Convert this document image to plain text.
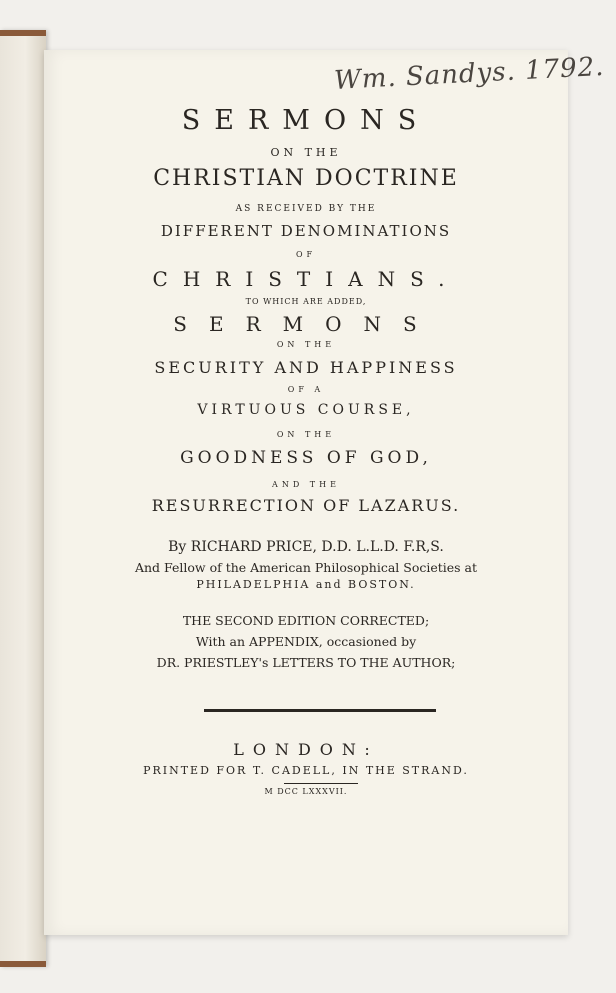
Wm. Sandys. 1792.
SERMONS
ON THE
CHRISTIAN DOCTRINE
AS RECEIVED BY THE
DIFFERENT DENOMINATIONS
OF
CHRISTIANS.
TO WHICH ARE ADDED,
SERMONS
ON THE
SECURITY AND HAPPINESS
OF A
VIRTUOUS COURSE,
ON THE
GOODNESS OF GOD,
AND THE
RESURRECTION OF LAZARUS.
By RICHARD PRICE, D.D. L.L.D. F.R,S.
And Fellow of the American Philosophical Societies at
PHILADELPHIA and BOSTON.
THE SECOND EDITION CORRECTED;
With an APPENDIX, occasioned by
DR. PRIESTLEY's LETTERS TO THE AUTHOR;
LONDON:
PRINTED FOR T. CADELL, IN THE STRAND.
M DCC LXXXVII.
